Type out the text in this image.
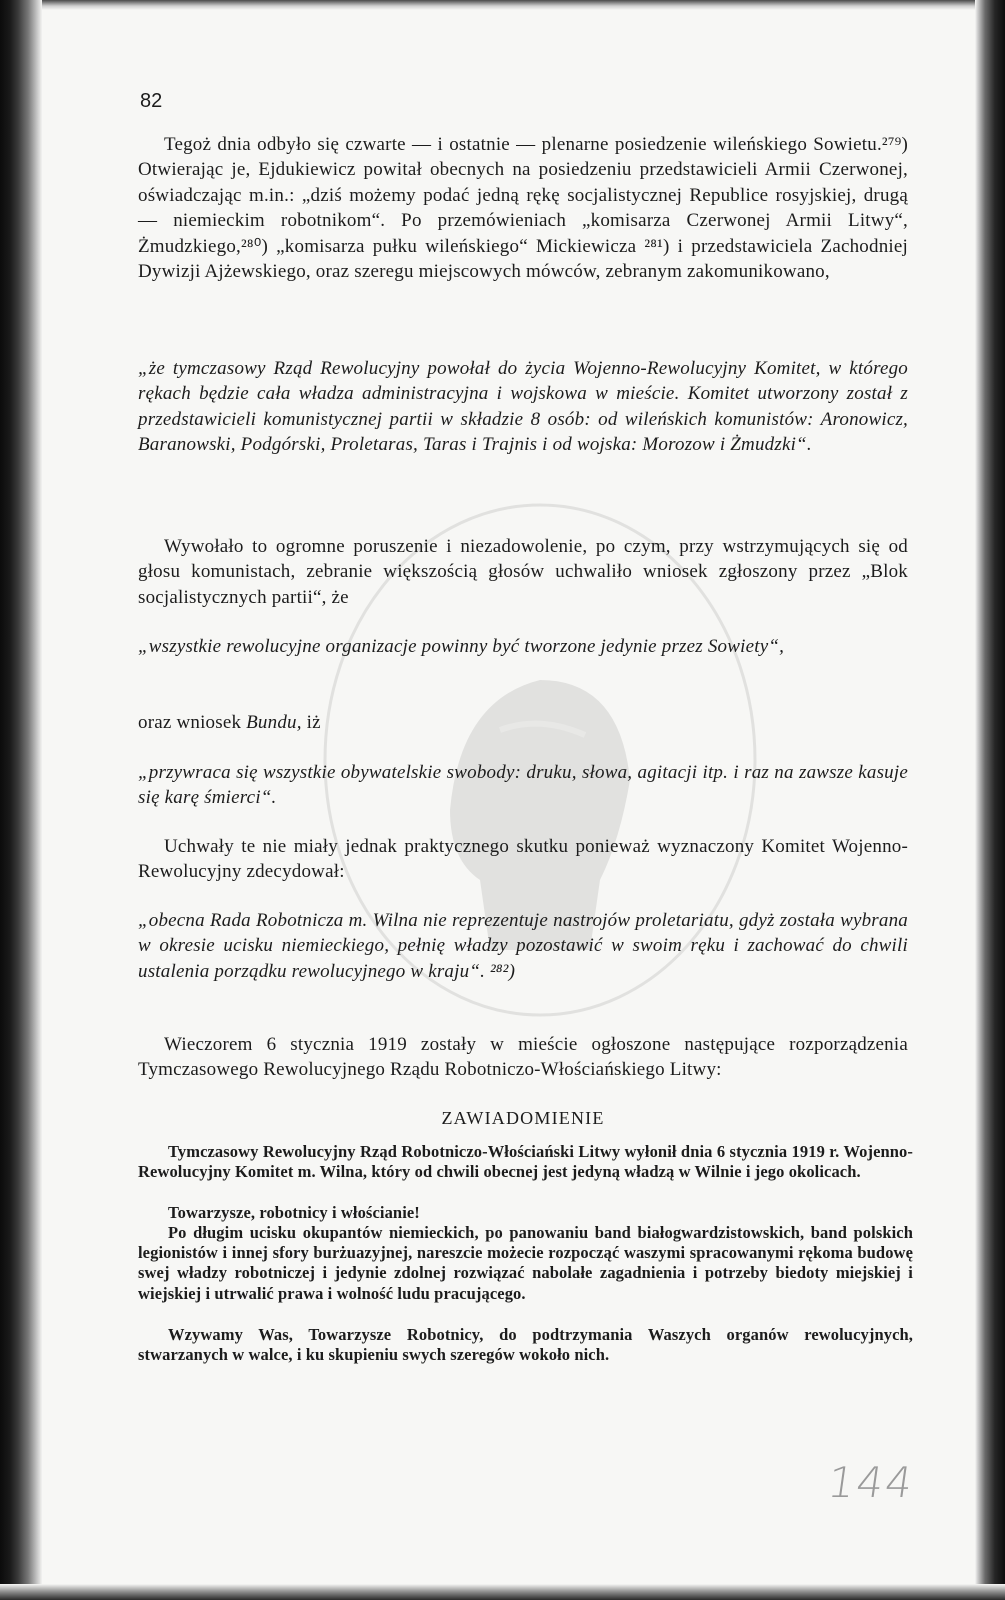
82
Tegoż dnia odbyło się czwarte — i ostatnie — plenarne posiedzenie wileńskiego Sowietu.²⁷⁹) Otwierając je, Ejdukiewicz powitał obecnych na posiedzeniu przedstawicieli Armii Czerwonej, oświadczając m.in.: „dziś możemy podać jedną rękę socjalistycznej Republice rosyjskiej, drugą — niemieckim robotnikom“. Po przemówieniach „komisarza Czerwonej Armii Litwy“, Żmudzkiego,²⁸⁰) „komisarza pułku wileńskiego“ Mickiewicza ²⁸¹) i przedstawiciela Zachodniej Dywizji Ajżewskiego, oraz szeregu miejscowych mówców, zebranym zakomunikowano,
„że tymczasowy Rząd Rewolucyjny powołał do życia Wojenno-Rewolucyjny Komitet, w którego rękach będzie cała władza administracyjna i wojskowa w mieście. Komitet utworzony został z przedstawicieli komunistycznej partii w składzie 8 osób: od wileńskich komunistów: Aronowicz, Baranowski, Podgórski, Proletaras, Taras i Trajnis i od wojska: Morozow i Żmudzki“.
Wywołało to ogromne poruszenie i niezadowolenie, po czym, przy wstrzymujących się od głosu komunistach, zebranie większością głosów uchwaliło wniosek zgłoszony przez „Blok socjalistycznych partii“, że
„wszystkie rewolucyjne organizacje powinny być tworzone jedynie przez Sowiety“,
oraz wniosek Bundu, iż
„przywraca się wszystkie obywatelskie swobody: druku, słowa, agitacji itp. i raz na zawsze kasuje się karę śmierci“.
Uchwały te nie miały jednak praktycznego skutku ponieważ wyznaczony Komitet Wojenno-Rewolucyjny zdecydował:
„obecna Rada Robotnicza m. Wilna nie reprezentuje nastrojów proletariatu, gdyż została wybrana w okresie ucisku niemieckiego, pełnię władzy pozostawić w swoim ręku i zachować do chwili ustalenia porządku rewolucyjnego w kraju“. ²⁸²)
Wieczorem 6 stycznia 1919 zostały w mieście ogłoszone następujące rozporządzenia Tymczasowego Rewolucyjnego Rządu Robotniczo-Włościańskiego Litwy:
ZAWIADOMIENIE
Tymczasowy Rewolucyjny Rząd Robotniczo-Włościański Litwy wyłonił dnia 6 stycznia 1919 r. Wojenno-Rewolucyjny Komitet m. Wilna, który od chwili obecnej jest jedyną władzą w Wilnie i jego okolicach.
Towarzysze, robotnicy i włościanie!
Po długim ucisku okupantów niemieckich, po panowaniu band białogwardzistowskich, band polskich legionistów i innej sfory burżuazyjnej, nareszcie możecie rozpocząć waszymi spracowanymi rękoma budowę swej władzy robotniczej i jedynie zdolnej rozwiązać nabolałe zagadnienia i potrzeby biedoty miejskiej i wiejskiej i utrwalić prawa i wolność ludu pracującego.
Wzywamy Was, Towarzysze Robotnicy, do podtrzymania Waszych organów rewolucyjnych, stwarzanych w walce, i ku skupieniu swych szeregów wokoło nich.
144
